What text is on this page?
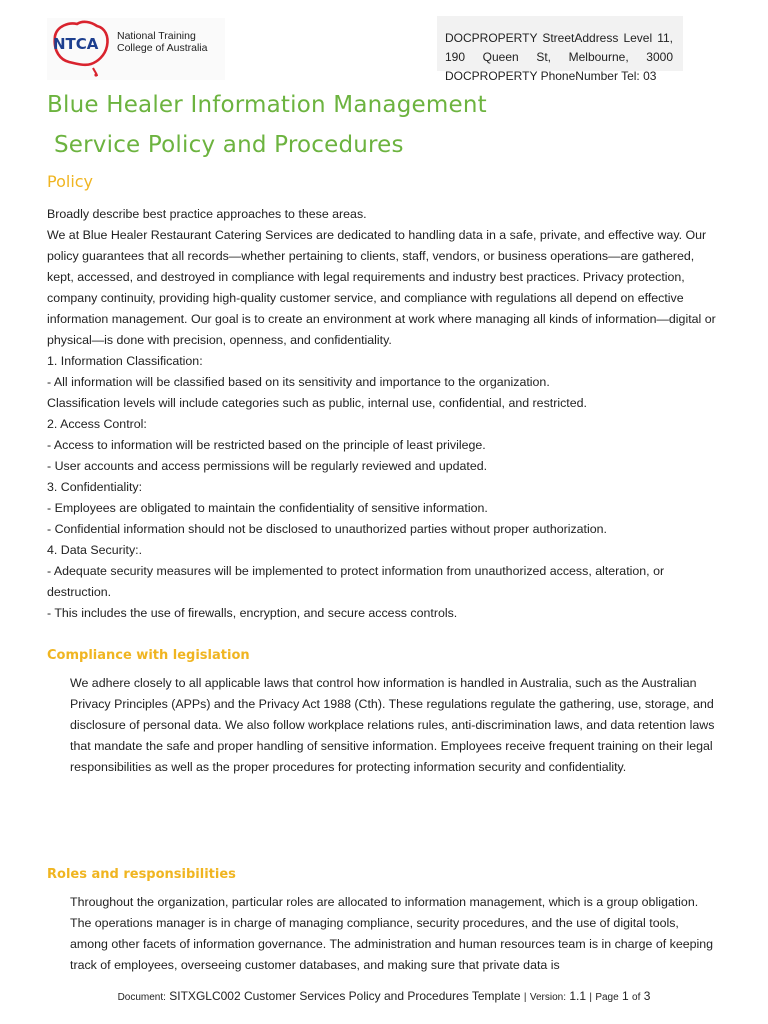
NTCA National Training
College of Australia

DOCPROPERTY StreetAddress Level 11, 190 Queen St, Melbourne, 3000 DOCPROPERTY PhoneNumber Tel: 03

Blue Healer Information Management
Service Policy and Procedures
Policy

Broadly describe best practice approaches to these areas.

We at Blue Healer Restaurant Catering Services are dedicated to handling data in a safe, private, and effective way. Our policy guarantees that all records—whether pertaining to clients, staff, vendors, or business operations—are gathered, kept, accessed, and destroyed in compliance with legal requirements and industry best practices. Privacy protection, company continuity, providing high-quality customer service, and compliance with regulations all depend on effective information management. Our goal is to create an environment at work where managing all kinds of information—digital or physical—is done with precision, openness, and confidentiality.

1. Information Classification:

- All information will be classified based on its sensitivity and importance to the organization.

Classification levels will include categories such as public, internal use, confidential, and restricted.

2. Access Control:

- Access to information will be restricted based on the principle of least privilege.

- User accounts and access permissions will be regularly reviewed and updated.

3. Confidentiality:

- Employees are obligated to maintain the confidentiality of sensitive information.

- Confidential information should not be disclosed to unauthorized parties without proper authorization.

4. Data Security:.

- Adequate security measures will be implemented to protect information from unauthorized access, alteration, or destruction.

- This includes the use of firewalls, encryption, and secure access controls.

Compliance with legislation

We adhere closely to all applicable laws that control how information is handled in Australia, such as the Australian Privacy Principles (APPs) and the Privacy Act 1988 (Cth). These regulations regulate the gathering, use, storage, and disclosure of personal data. We also follow workplace relations rules, anti-discrimination laws, and data retention laws that mandate the safe and proper handling of sensitive information. Employees receive frequent training on their legal responsibilities as well as the proper procedures for protecting information security and confidentiality.

Roles and responsibilities

Throughout the organization, particular roles are allocated to information management, which is a group obligation. The operations manager is in charge of managing compliance, security procedures, and the use of digital tools, among other facets of information governance. The administration and human resources team is in charge of keeping track of employees, overseeing customer databases, and making sure that private data is

Document: SITXGLC002 Customer Services Policy and Procedures Template | Version: 1.1 | Page 1 of 3
